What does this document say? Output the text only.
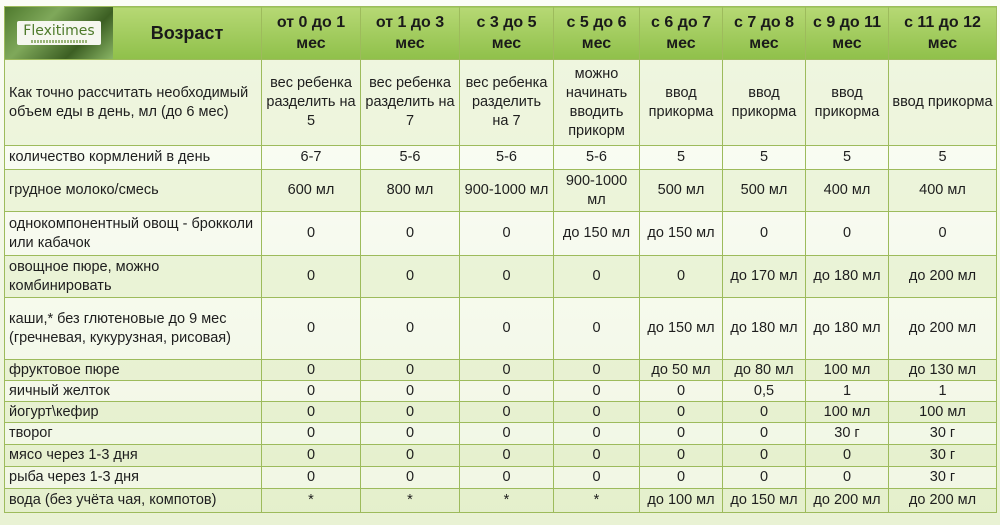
Flexitimes Возраст	от 0 до 1 мес	от 1 до 3 мес	с 3 до 5 мес	с 5 до 6 мес	с 6 до 7 мес	с 7 до 8 мес	с 9 до 11 мес	с 11 до 12 мес
Как точно рассчитать необходимый объем еды в день, мл (до 6 мес)	вес ребенка разделить на 5	вес ребенка разделить на 7	вес ребенка разделить на 7	можно начинать вводить прикорм	ввод прикорма	ввод прикорма	ввод прикорма	ввод прикорма
количество кормлений в день	6-7	5-6	5-6	5-6	5	5	5	5
грудное молоко/смесь	600 мл	800 мл	900-1000 мл	900-1000 мл	500 мл	500 мл	400 мл	400 мл
однокомпонентный овощ - брокколи или кабачок	0	0	0	до 150 мл	до 150 мл	0	0	0
овощное пюре, можно комбинировать	0	0	0	0	0	до 170 мл	до 180 мл	до 200 мл
каши,* без глютеновые до 9 мес (гречневая, кукурузная, рисовая)	0	0	0	0	до 150 мл	до 180 мл	до 180 мл	до 200 мл
фруктовое пюре	0	0	0	0	до 50 мл	до 80 мл	100 мл	до 130 мл
яичный желток	0	0	0	0	0	0,5	1	1
йогурт\кефир	0	0	0	0	0	0	100 мл	100 мл
творог	0	0	0	0	0	0	30 г	30 г
мясо через 1-3 дня	0	0	0	0	0	0	0	30 г
рыба через 1-3 дня	0	0	0	0	0	0	0	30 г
вода (без учёта чая, компотов)	*	*	*	*	до 100 мл	до 150 мл	до 200 мл	до 200 мл
